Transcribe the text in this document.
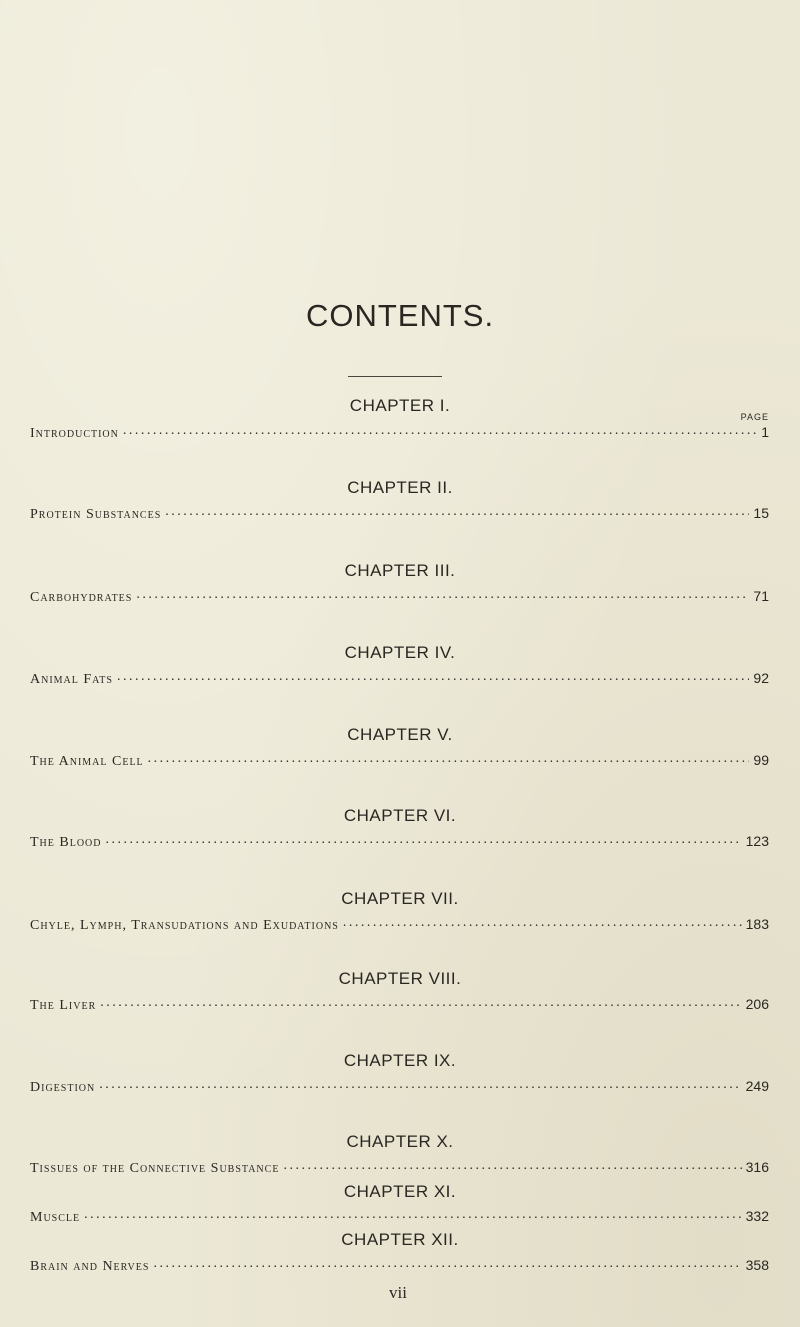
CONTENTS.
CHAPTER I.
PAGE
Introduction . . .	1
CHAPTER II.
Protein Substances . . .	15
CHAPTER III.
Carbohydrates . . .	71
CHAPTER IV.
Animal Fats . . .	92
CHAPTER V.
The Animal Cell . . .	99
CHAPTER VI.
The Blood . . .	123
CHAPTER VII.
Chyle, Lymph, Transudations and Exudations . . .	183
CHAPTER VIII.
The Liver . . .	206
CHAPTER IX.
Digestion . . .	249
CHAPTER X.
Tissues of the Connective Substance . . .	316
CHAPTER XI.
Muscle . . .	332
CHAPTER XII.
Brain and Nerves . . .	358
vii
